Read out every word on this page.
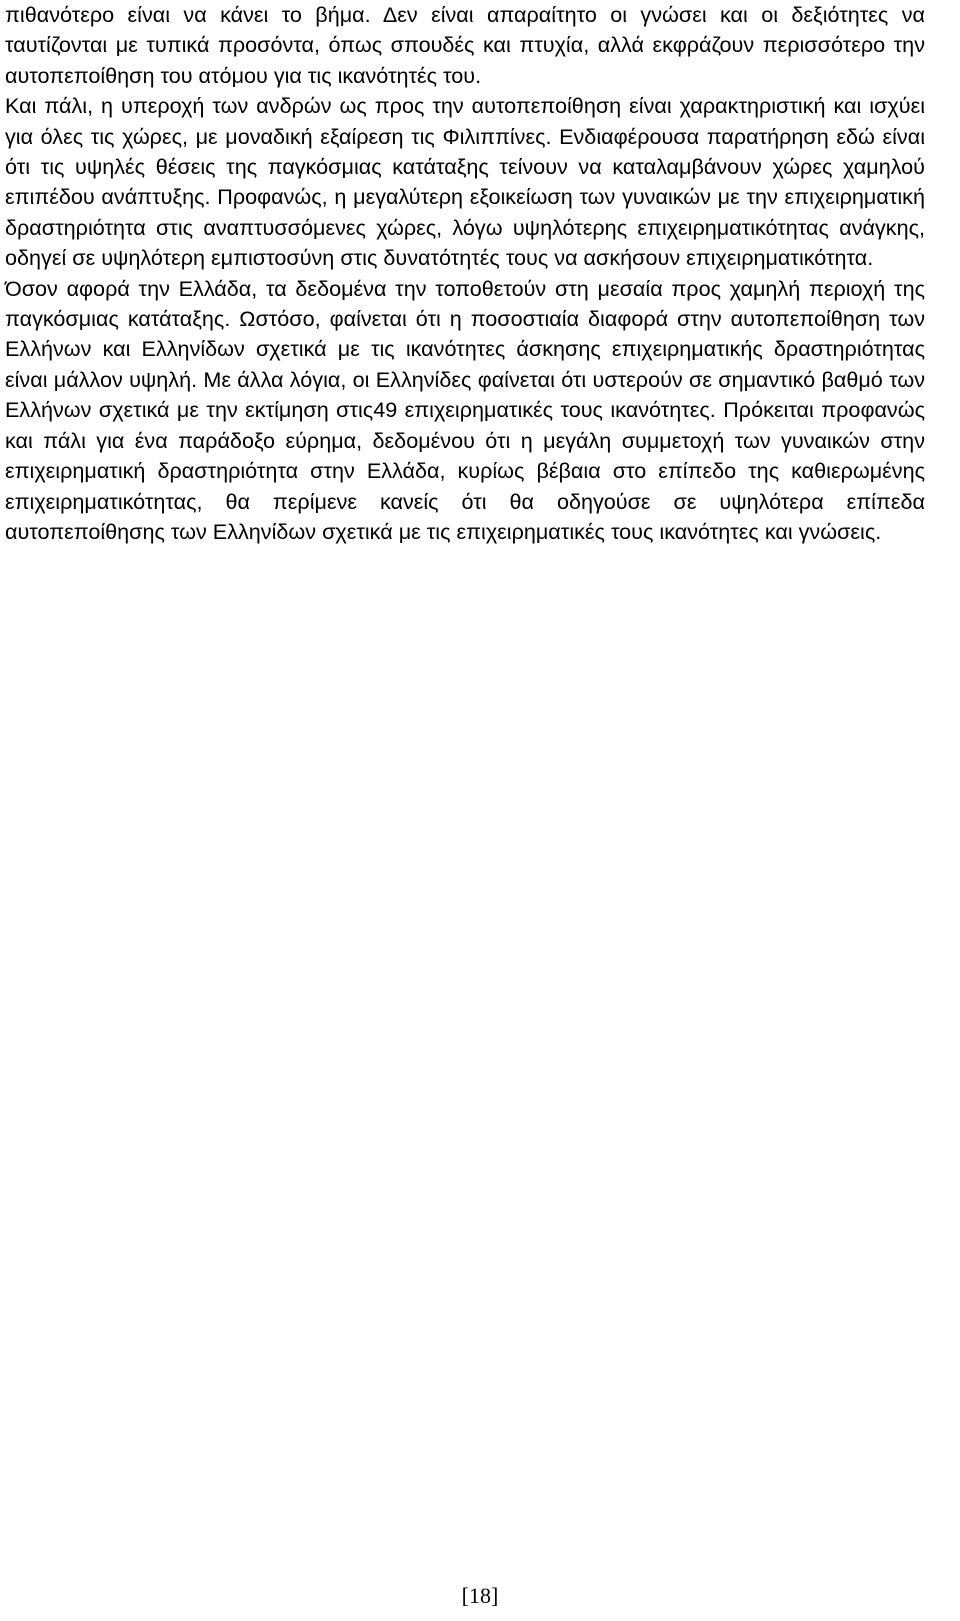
πιθανότερο είναι να κάνει το βήμα. Δεν είναι απαραίτητο οι γνώσει και οι δεξιότητες να ταυτίζονται με τυπικά προσόντα, όπως σπουδές και πτυχία, αλλά εκφράζουν περισσότερο την αυτοπεποίθηση του ατόμου για τις ικανότητές του.

Και πάλι, η υπεροχή των ανδρών ως προς την αυτοπεποίθηση είναι χαρακτηριστική και ισχύει για όλες τις χώρες, με μοναδική εξαίρεση τις Φιλιππίνες. Ενδιαφέρουσα παρατήρηση εδώ είναι ότι τις υψηλές θέσεις της παγκόσμιας κατάταξης τείνουν να καταλαμβάνουν χώρες χαμηλού επιπέδου ανάπτυξης. Προφανώς, η μεγαλύτερη εξοικείωση των γυναικών με την επιχειρηματική δραστηριότητα στις αναπτυσσόμενες χώρες, λόγω υψηλότερης επιχειρηματικότητας ανάγκης, οδηγεί σε υψηλότερη εμπιστοσύνη στις δυνατότητές τους να ασκήσουν επιχειρηματικότητα.

Όσον αφορά την Ελλάδα, τα δεδομένα την τοποθετούν στη μεσαία προς χαμηλή περιοχή της παγκόσμιας κατάταξης. Ωστόσο, φαίνεται ότι η ποσοστιαία διαφορά στην αυτοπεποίθηση των Ελλήνων και Ελληνίδων σχετικά με τις ικανότητες άσκησης επιχειρηματικής δραστηριότητας είναι μάλλον υψηλή. Με άλλα λόγια, οι Ελληνίδες φαίνεται ότι υστερούν σε σημαντικό βαθμό των Ελλήνων σχετικά με την εκτίμηση στις49 επιχειρηματικές τους ικανότητες. Πρόκειται προφανώς και πάλι για ένα παράδοξο εύρημα, δεδομένου ότι η μεγάλη συμμετοχή των γυναικών στην επιχειρηματική δραστηριότητα στην Ελλάδα, κυρίως βέβαια στο επίπεδο της καθιερωμένης επιχειρηματικότητας, θα περίμενε κανείς ότι θα οδηγούσε σε υψηλότερα επίπεδα αυτοπεποίθησης των Ελληνίδων σχετικά με τις επιχειρηματικές τους ικανότητες και γνώσεις.

[18]
